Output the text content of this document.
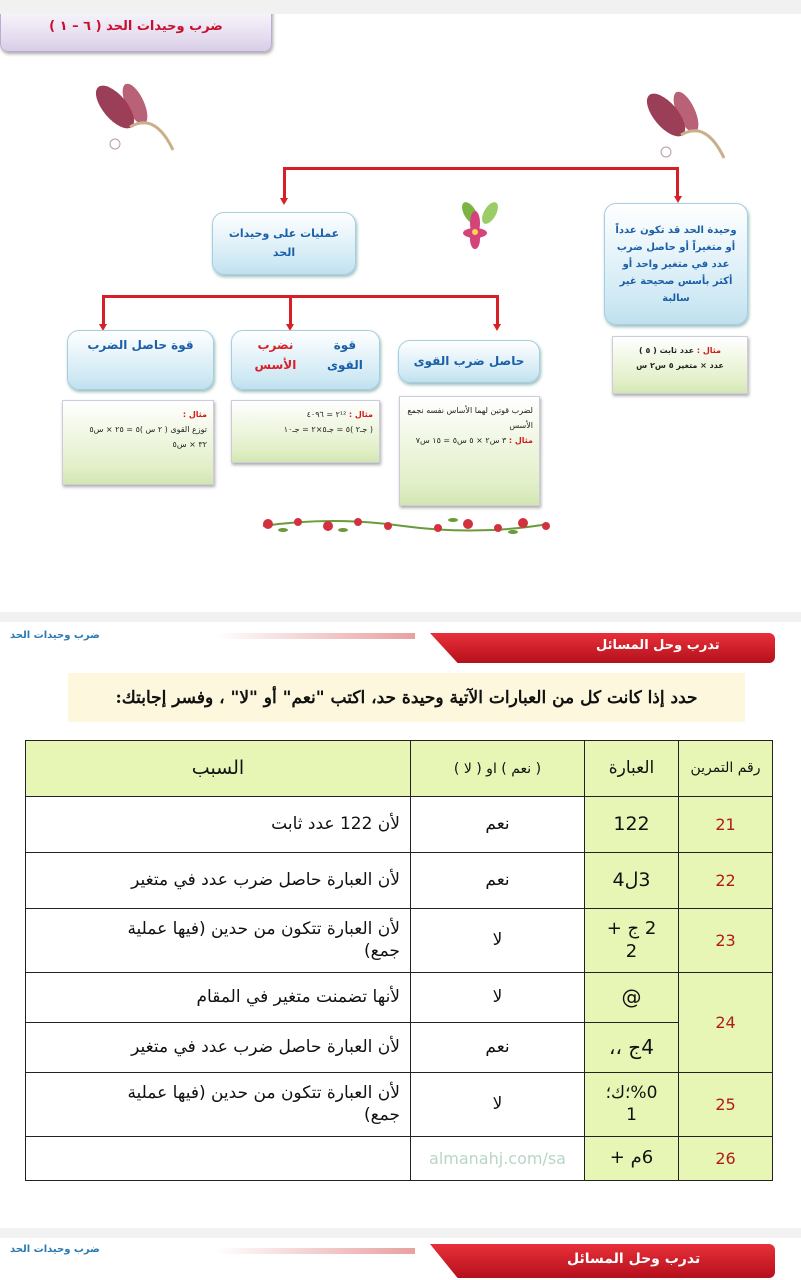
ضرب وحيدات الحد ( ٦ – ١ )
عمليات على وحيدات الحد
وحيدة الحد قد تكون عدداً أو متغيراً أو حاصل ضرب عدد في متغير واحد أو أكثر بأسس صحيحة غير سالبة
مثال : عدد ثابت ( ٥ )
عدد × متغير ٥ س٢ س
حاصل ضرب القوى
قوة القوى
نضرب الأسس
قوة حاصل الضرب
لضرب قوتين لهما الأساس نفسه نجمع الأسس
مثال : ٣ س٢ × ٥ س٥ = ١٥ س٧
مثال : ٢¹² = ٤٠٩٦
( جـ٢ )٥ = جـ٥×٢ = جـ١٠
مثال :
توزع القوى ( ٢ س )٥ = ٢٥ × س٥
٣٢ × س٥
ضرب وحيدات الحد
تدرب وحل المسائل
حدد إذا كانت كل من العبارات الآتية وحيدة حد، اكتب "نعم" أو "لا" ، وفسر إجابتك:
السبب	( نعم ) او ( لا )	العبارة	رقم التمرين

لأن 122 عدد ثابت	نعم	122	21
لأن العبارة حاصل ضرب عدد في متغير	نعم	3ل4	22

لأن العبارة تتكون من حدين (فيها عملية
جمع)	لا	2 ج +
2	23
لأنها تضمنت متغير في المقام	لا	@	24
لأن العبارة حاصل ضرب عدد في متغير	نعم	4ج ،،	

لأن العبارة تتكون من حدين (فيها عملية
جمع)	لا	%0؛ك؛
1	25
	almanahj.com/sa	6م +	26
ضرب وحيدات الحد
تدرب وحل المسائل
